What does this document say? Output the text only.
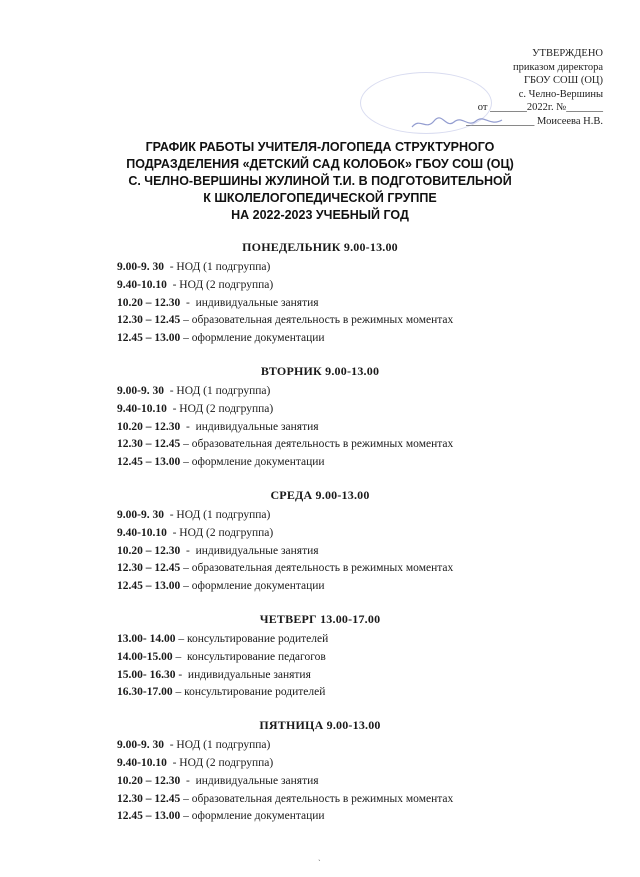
УТВЕРЖДЕНО
приказом директора
ГБОУ СОШ (ОЦ)
с. Челно-Вершины
от _______2022г. №_______
_____________ Моисеева Н.В.
ГРАФИК РАБОТЫ УЧИТЕЛЯ-ЛОГОПЕДА СТРУКТУРНОГО
ПОДРАЗДЕЛЕНИЯ «ДЕТСКИЙ САД КОЛОБОК» ГБОУ СОШ (ОЦ)
С. ЧЕЛНО-ВЕРШИНЫ ЖУЛИНОЙ Т.И. В ПОДГОТОВИТЕЛЬНОЙ
К ШКОЛЕЛОГОПЕДИЧЕСКОЙ ГРУППЕ
НА 2022-2023 УЧЕБНЫЙ ГОД
ПОНЕДЕЛЬНИК 9.00-13.00
9.00-9. 30  - НОД (1 подгруппа)
9.40-10.10  - НОД (2 подгруппа)
10.20 – 12.30  -  индивидуальные занятия
12.30 – 12.45 – образовательная деятельность в режимных моментах
12.45 – 13.00 – оформление документации
ВТОРНИК 9.00-13.00
9.00-9. 30  - НОД (1 подгруппа)
9.40-10.10  - НОД (2 подгруппа)
10.20 – 12.30  -  индивидуальные занятия
12.30 – 12.45 – образовательная деятельность в режимных моментах
12.45 – 13.00 – оформление документации
СРЕДА 9.00-13.00
9.00-9. 30  - НОД (1 подгруппа)
9.40-10.10  - НОД (2 подгруппа)
10.20 – 12.30  -  индивидуальные занятия
12.30 – 12.45 – образовательная деятельность в режимных моментах
12.45 – 13.00 – оформление документации
ЧЕТВЕРГ 13.00-17.00
13.00- 14.00 – консультирование родителей
14.00-15.00 –  консультирование педагогов
15.00- 16.30 -  индивидуальные занятия
16.30-17.00 – консультирование родителей
ПЯТНИЦА 9.00-13.00
9.00-9. 30  - НОД (1 подгруппа)
9.40-10.10  - НОД (2 подгруппа)
10.20 – 12.30  -  индивидуальные занятия
12.30 – 12.45 – образовательная деятельность в режимных моментах
12.45 – 13.00 – оформление документации
ˎ
